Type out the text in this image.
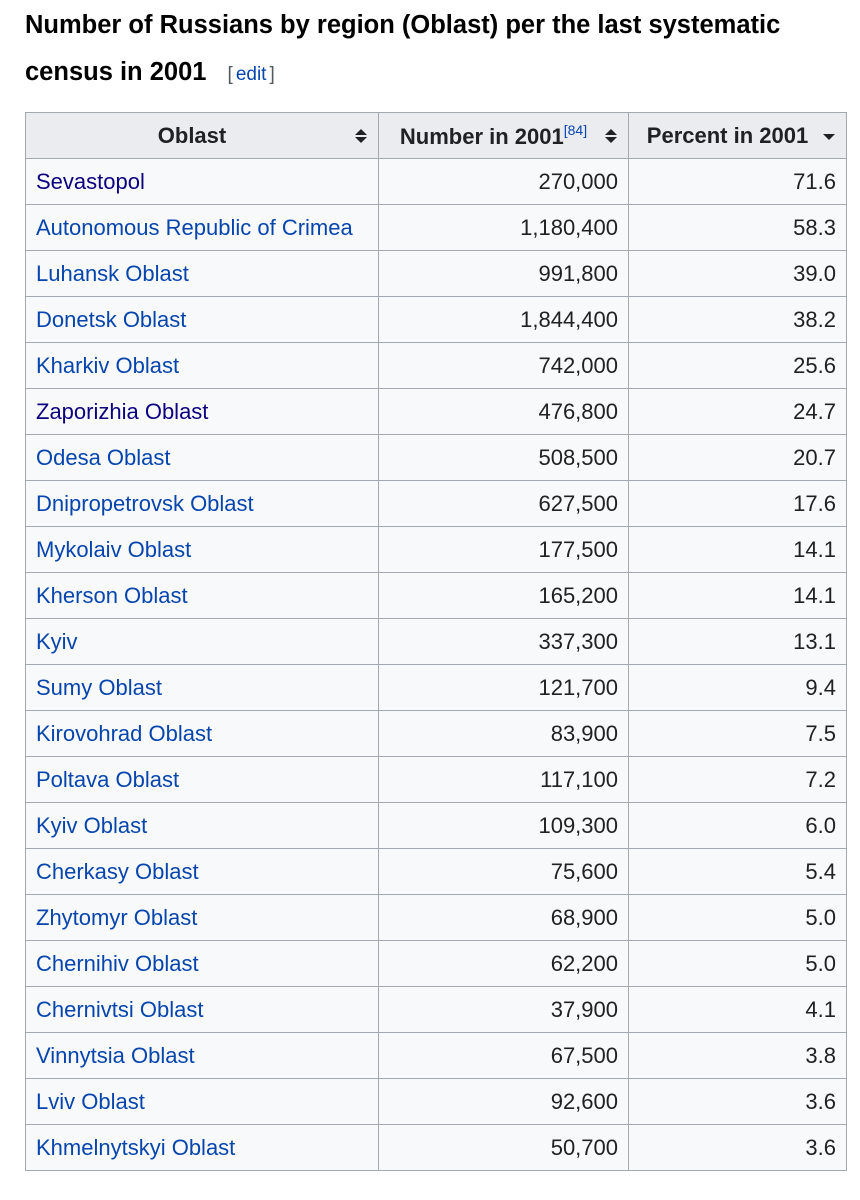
Number of Russians by region (Oblast) per the last systematic census in 2001 [ edit ]
Oblast	Number in 2001[84]	Percent in 2001

Sevastopol	270,000	71.6
Autonomous Republic of Crimea	1,180,400	58.3
Luhansk Oblast	991,800	39.0
Donetsk Oblast	1,844,400	38.2
Kharkiv Oblast	742,000	25.6
Zaporizhia Oblast	476,800	24.7
Odesa Oblast	508,500	20.7
Dnipropetrovsk Oblast	627,500	17.6
Mykolaiv Oblast	177,500	14.1
Kherson Oblast	165,200	14.1
Kyiv	337,300	13.1
Sumy Oblast	121,700	9.4
Kirovohrad Oblast	83,900	7.5
Poltava Oblast	117,100	7.2
Kyiv Oblast	109,300	6.0
Cherkasy Oblast	75,600	5.4
Zhytomyr Oblast	68,900	5.0
Chernihiv Oblast	62,200	5.0
Chernivtsi Oblast	37,900	4.1
Vinnytsia Oblast	67,500	3.8
Lviv Oblast	92,600	3.6
Khmelnytskyi Oblast	50,700	3.6
